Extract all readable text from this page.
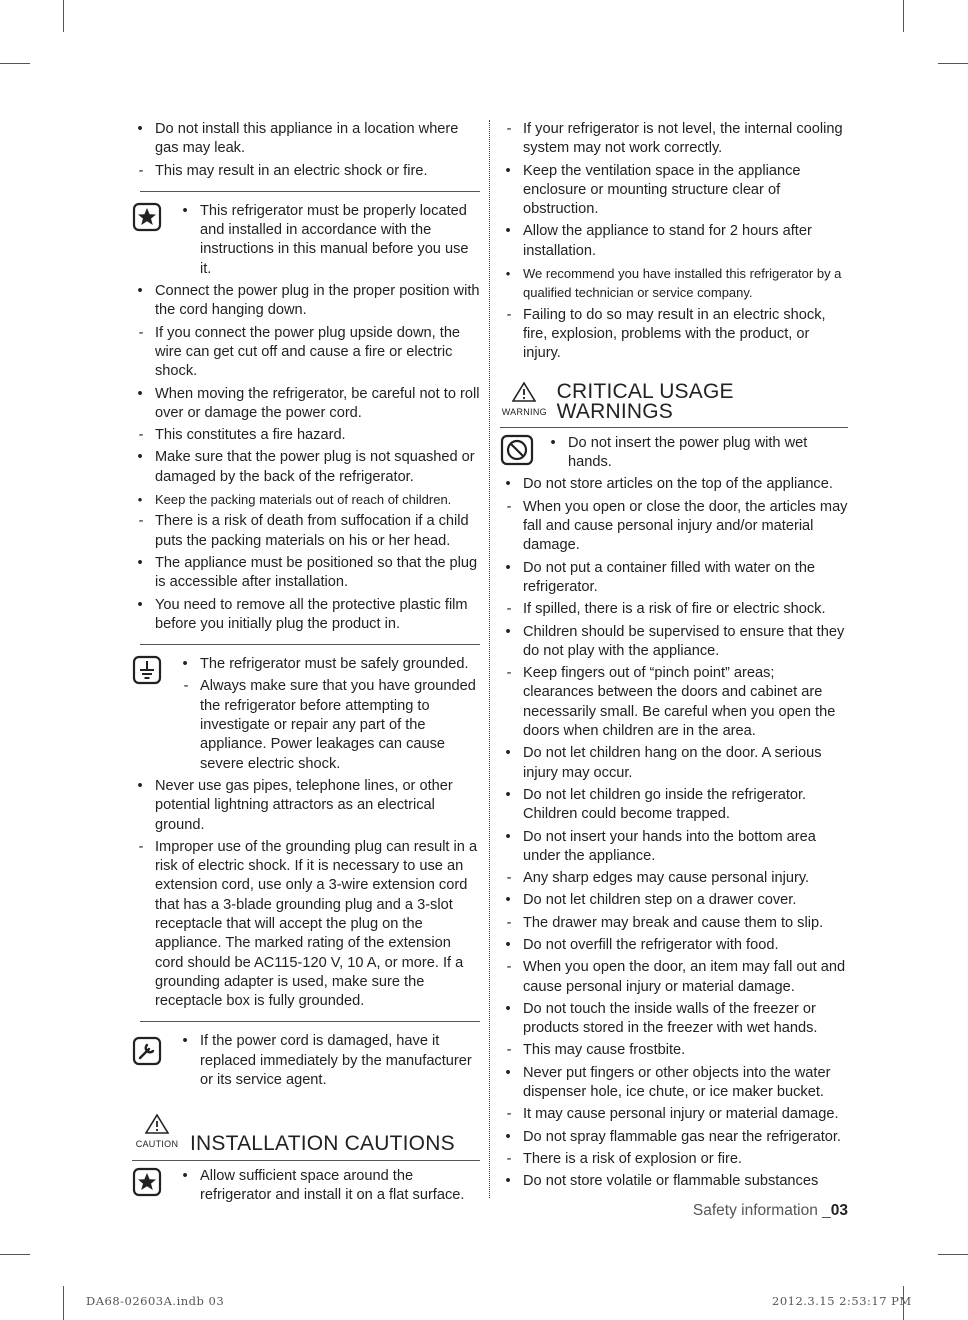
• Do not install this appliance in a location where gas may leak.
- This may result in an electric shock or fire.
• This refrigerator must be properly located and installed in accordance with the instructions in this manual before you use it.
• Connect the power plug in the proper position with the cord hanging down.
- If you connect the power plug upside down, the wire can get cut off and cause a fire or electric shock.
• When moving the refrigerator, be careful not to roll over or damage the power cord.
- This constitutes a fire hazard.
• Make sure that the power plug is not squashed or damaged by the back of the refrigerator.
• Keep the packing materials out of reach of children.
- There is a risk of death from suffocation if a child puts the packing materials on his or her head.
• The appliance must be positioned so that the plug is accessible after installation.
• You need to remove all the protective plastic film before you initially plug the product in.
• The refrigerator must be safely grounded.
- Always make sure that you have grounded the refrigerator before attempting to investigate or repair any part of the appliance. Power leakages can cause severe electric shock.
• Never use gas pipes, telephone lines, or other potential lightning attractors as an electrical ground.
- Improper use of the grounding plug can result in a risk of electric shock. If it is necessary to use an extension cord, use only a 3-wire extension cord that has a 3-blade grounding plug and a 3-slot receptacle that will accept the plug on the appliance. The marked rating of the extension cord should be AC115-120 V, 10 A, or more. If a grounding adapter is used, make sure the receptacle box is fully grounded.
• If the power cord is damaged, have it replaced immediately by the manufacturer or its service agent.
CAUTION INSTALLATION CAUTIONS
• Allow sufficient space around the refrigerator and install it on a flat surface.
- If your refrigerator is not level, the internal cooling system may not work correctly.
• Keep the ventilation space in the appliance enclosure or mounting structure clear of obstruction.
• Allow the appliance to stand for 2 hours after installation.
• We recommend you have installed this refrigerator by a qualified technician or service company.
- Failing to do so may result in an electric shock, fire, explosion, problems with the product, or injury.
WARNING
CRITICAL USAGE WARNINGS
• Do not insert the power plug with wet hands.
• Do not store articles on the top of the appliance.
- When you open or close the door, the articles may fall and cause personal injury and/or material damage.
• Do not put a container filled with water on the refrigerator.
- If spilled, there is a risk of fire or electric shock.
• Children should be supervised to ensure that they do not play with the appliance.
- Keep fingers out of “pinch point” areas; clearances between the doors and cabinet are necessarily small. Be careful when you open the doors when children are in the area.
• Do not let children hang on the door. A serious injury may occur.
• Do not let children go inside the refrigerator. Children could become trapped.
• Do not insert your hands into the bottom area under the appliance.
- Any sharp edges may cause personal injury.
• Do not let children step on a drawer cover.
- The drawer may break and cause them to slip.
• Do not overfill the refrigerator with food.
- When you open the door, an item may fall out and cause personal injury or material damage.
• Do not touch the inside walls of the freezer or products stored in the freezer with wet hands.
- This may cause frostbite.
• Never put fingers or other objects into the water dispenser hole, ice chute, or ice maker bucket.
- It may cause personal injury or material damage.
• Do not spray flammable gas near the refrigerator.
- There is a risk of explosion or fire.
• Do not store volatile or flammable substances
Safety information _03
DA68-02603A.indb 03	2012.3.15 2:53:17 PM
